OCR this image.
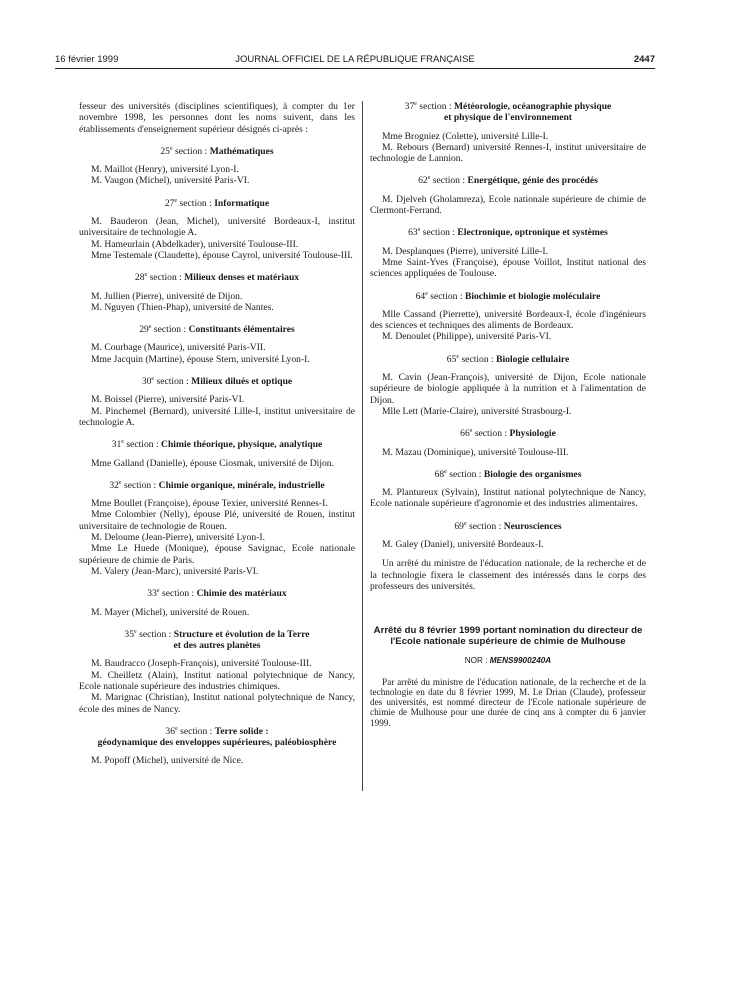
16 février 1999	JOURNAL OFFICIEL DE LA RÉPUBLIQUE FRANÇAISE	2447

fesseur des universités (disciplines scientifiques), à compter du 1er novembre 1998, les personnes dont les noms suivent, dans les établissements d'enseignement supérieur désignés ci-après :

25e section : Mathématiques

M. Maillot (Henry), université Lyon-I.

M. Vaugon (Michel), université Paris-VI.

27e section : Informatique

M. Bauderon (Jean, Michel), université Bordeaux-I, institut universitaire de technologie A.

M. Hameurlain (Abdelkader), université Toulouse-III.

Mme Testemale (Claudette), épouse Cayrol, université Toulouse-III.

28e section : Milieux denses et matériaux

M. Jullien (Pierre), université de Dijon.

M. Nguyen (Thien-Phap), université de Nantes.

29e section : Constituants élémentaires

M. Courbage (Maurice), université Paris-VII.

Mme Jacquin (Martine), épouse Stern, université Lyon-I.

30e section : Milieux dilués et optique

M. Boissel (Pierre), université Paris-VI.

M. Pinchemel (Bernard), université Lille-I, institut universitaire de technologie A.

31e section : Chimie théorique, physique, analytique

Mme Galland (Danielle), épouse Ciosmak, université de Dijon.

32e section : Chimie organique, minérale, industrielle

Mme Boullet (Françoise), épouse Texier, université Rennes-I.

Mme Colombier (Nelly), épouse Plé, université de Rouen, institut universitaire de technologie de Rouen.

M. Deloume (Jean-Pierre), université Lyon-I.

Mme Le Huede (Monique), épouse Savignac, Ecole nationale supérieure de chimie de Paris.

M. Valery (Jean-Marc), université Paris-VI.

33e section : Chimie des matériaux

M. Mayer (Michel), université de Rouen.

35e section : Structure et évolution de la Terre
et des autres planètes

M. Baudracco (Joseph-François), université Toulouse-III.

M. Cheilletz (Alain), Institut national polytechnique de Nancy, Ecole nationale supérieure des industries chimiques.

M. Marignac (Christian), Institut national polytechnique de Nancy, école des mines de Nancy.

36e section : Terre solide :
géodynamique des enveloppes supérieures, paléobiosphère

M. Popoff (Michel), université de Nice.

37e section : Météorologie, océanographie physique
et physique de l'environnement

Mme Brogniez (Colette), université Lille-I.

M. Rebours (Bernard) université Rennes-I, institut universitaire de technologie de Lannion.

62e section : Energétique, génie des procédés

M. Djelveh (Gholamreza), Ecole nationale supérieure de chimie de Clermont-Ferrand.

63e section : Electronique, optronique et systèmes

M. Desplanques (Pierre), université Lille-I.

Mme Saint-Yves (Françoise), épouse Voillot, Institut national des sciences appliquées de Toulouse.

64e section : Biochimie et biologie moléculaire

Mlle Cassand (Pierrette), université Bordeaux-I, école d'ingénieurs des sciences et techniques des aliments de Bordeaux.

M. Denoulet (Philippe), université Paris-VI.

65e section : Biologie cellulaire

M. Cavin (Jean-François), université de Dijon, Ecole nationale supérieure de biologie appliquée à la nutrition et à l'alimentation de Dijon.

Mlle Lett (Marie-Claire), université Strasbourg-I.

66e section : Physiologie

M. Mazau (Dominique), université Toulouse-III.

68e section : Biologie des organismes

M. Plantureux (Sylvain), Institut national polytechnique de Nancy, Ecole nationale supérieure d'agronomie et des industries alimentaires.

69e section : Neurosciences

M. Galey (Daniel), université Bordeaux-I.

Un arrêté du ministre de l'éducation nationale, de la recherche et de la technologie fixera le classement des intéressés dans le corps des professeurs des universités.

Arrêté du 8 février 1999 portant nomination du directeur de l'Ecole nationale supérieure de chimie de Mulhouse
NOR : MENS9900240A

Par arrêté du ministre de l'éducation nationale, de la recherche et de la technologie en date du 8 février 1999, M. Le Drian (Claude), professeur des universités, est nommé directeur de l'Ecole nationale supérieure de chimie de Mulhouse pour une durée de cinq ans à compter du 6 janvier 1999.
